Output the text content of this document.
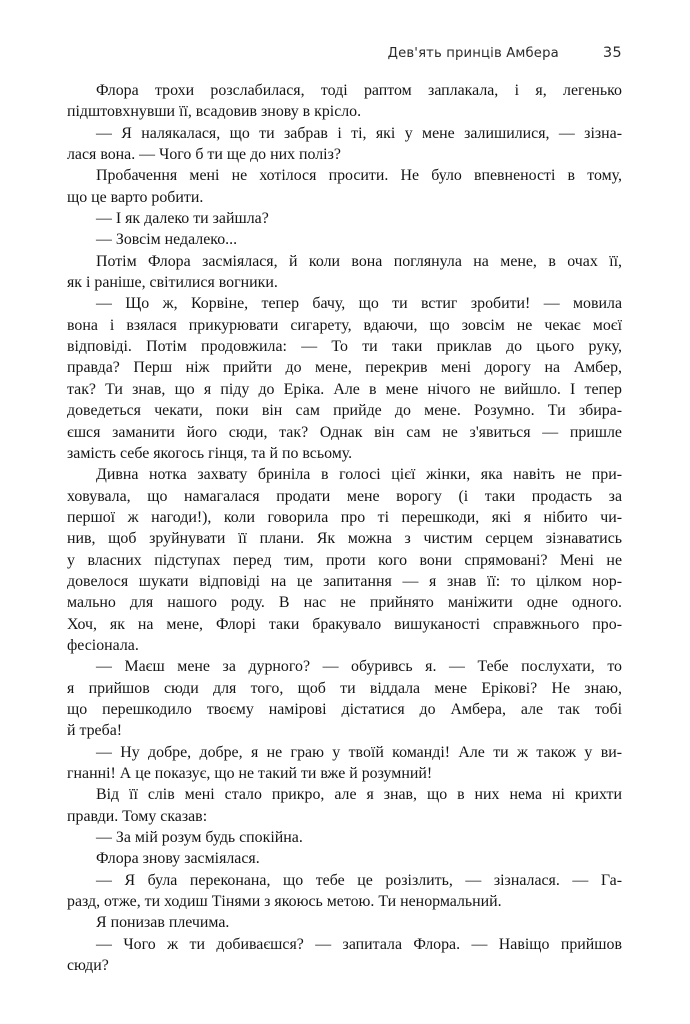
Дев'ять принців Амбера	35

Флора трохи розслабилася, тоді раптом заплакала, і я, легенько
підштовхнувши її, всадовив знову в крісло.

— Я налякалася, що ти забрав і ті, які у мене залишилися, — зізна-
лася вона. — Чого б ти ще до них поліз?

Пробачення мені не хотілося просити. Не було впевненості в тому,
що це варто робити.

— І як далеко ти зайшла?

— Зовсім недалеко...

Потім Флора засміялася, й коли вона поглянула на мене, в очах її,
як і раніше, світилися вогники.

— Що ж, Корвіне, тепер бачу, що ти встиг зробити! — мовила
вона і взялася прикурювати сигарету, вдаючи, що зовсім не чекає моєї
відповіді. Потім продовжила: — То ти таки приклав до цього руку,
правда? Перш ніж прийти до мене, перекрив мені дорогу на Амбер,
так? Ти знав, що я піду до Еріка. Але в мене нічого не вийшло. І тепер
доведеться чекати, поки він сам прийде до мене. Розумно. Ти збира-
єшся заманити його сюди, так? Однак він сам не з'явиться — пришле
замість себе якогось гінця, та й по всьому.

Дивна нотка захвату бриніла в голосі цієї жінки, яка навіть не при-
ховувала, що намагалася продати мене ворогу (і таки продасть за
першої ж нагоди!), коли говорила про ті перешкоди, які я нібито чи-
нив, щоб зруйнувати її плани. Як можна з чистим серцем зізнаватись
у власних підступах перед тим, проти кого вони спрямовані? Мені не
довелося шукати відповіді на це запитання — я знав її: то цілком нор-
мально для нашого роду. В нас не прийнято маніжити одне одного.
Хоч, як на мене, Флорі таки бракувало вишуканості справжнього про-
фесіонала.

— Маєш мене за дурного? — обуривсь я. — Тебе послухати, то
я прийшов сюди для того, щоб ти віддала мене Ерікові? Не знаю,
що перешкодило твоєму намірові дістатися до Амбера, але так тобі
й треба!

— Ну добре, добре, я не граю у твоїй команді! Але ти ж також у ви-
гнанні! А це показує, що не такий ти вже й розумний!

Від її слів мені стало прикро, але я знав, що в них нема ні крихти
правди. Тому сказав:

— За мій розум будь спокійна.

Флора знову засміялася.

— Я була переконана, що тебе це розізлить, — зізналася. — Га-
разд, отже, ти ходиш Тінями з якоюсь метою. Ти ненормальний.

Я понизав плечима.

— Чого ж ти добиваєшся? — запитала Флора. — Навіщо прийшов
сюди?
